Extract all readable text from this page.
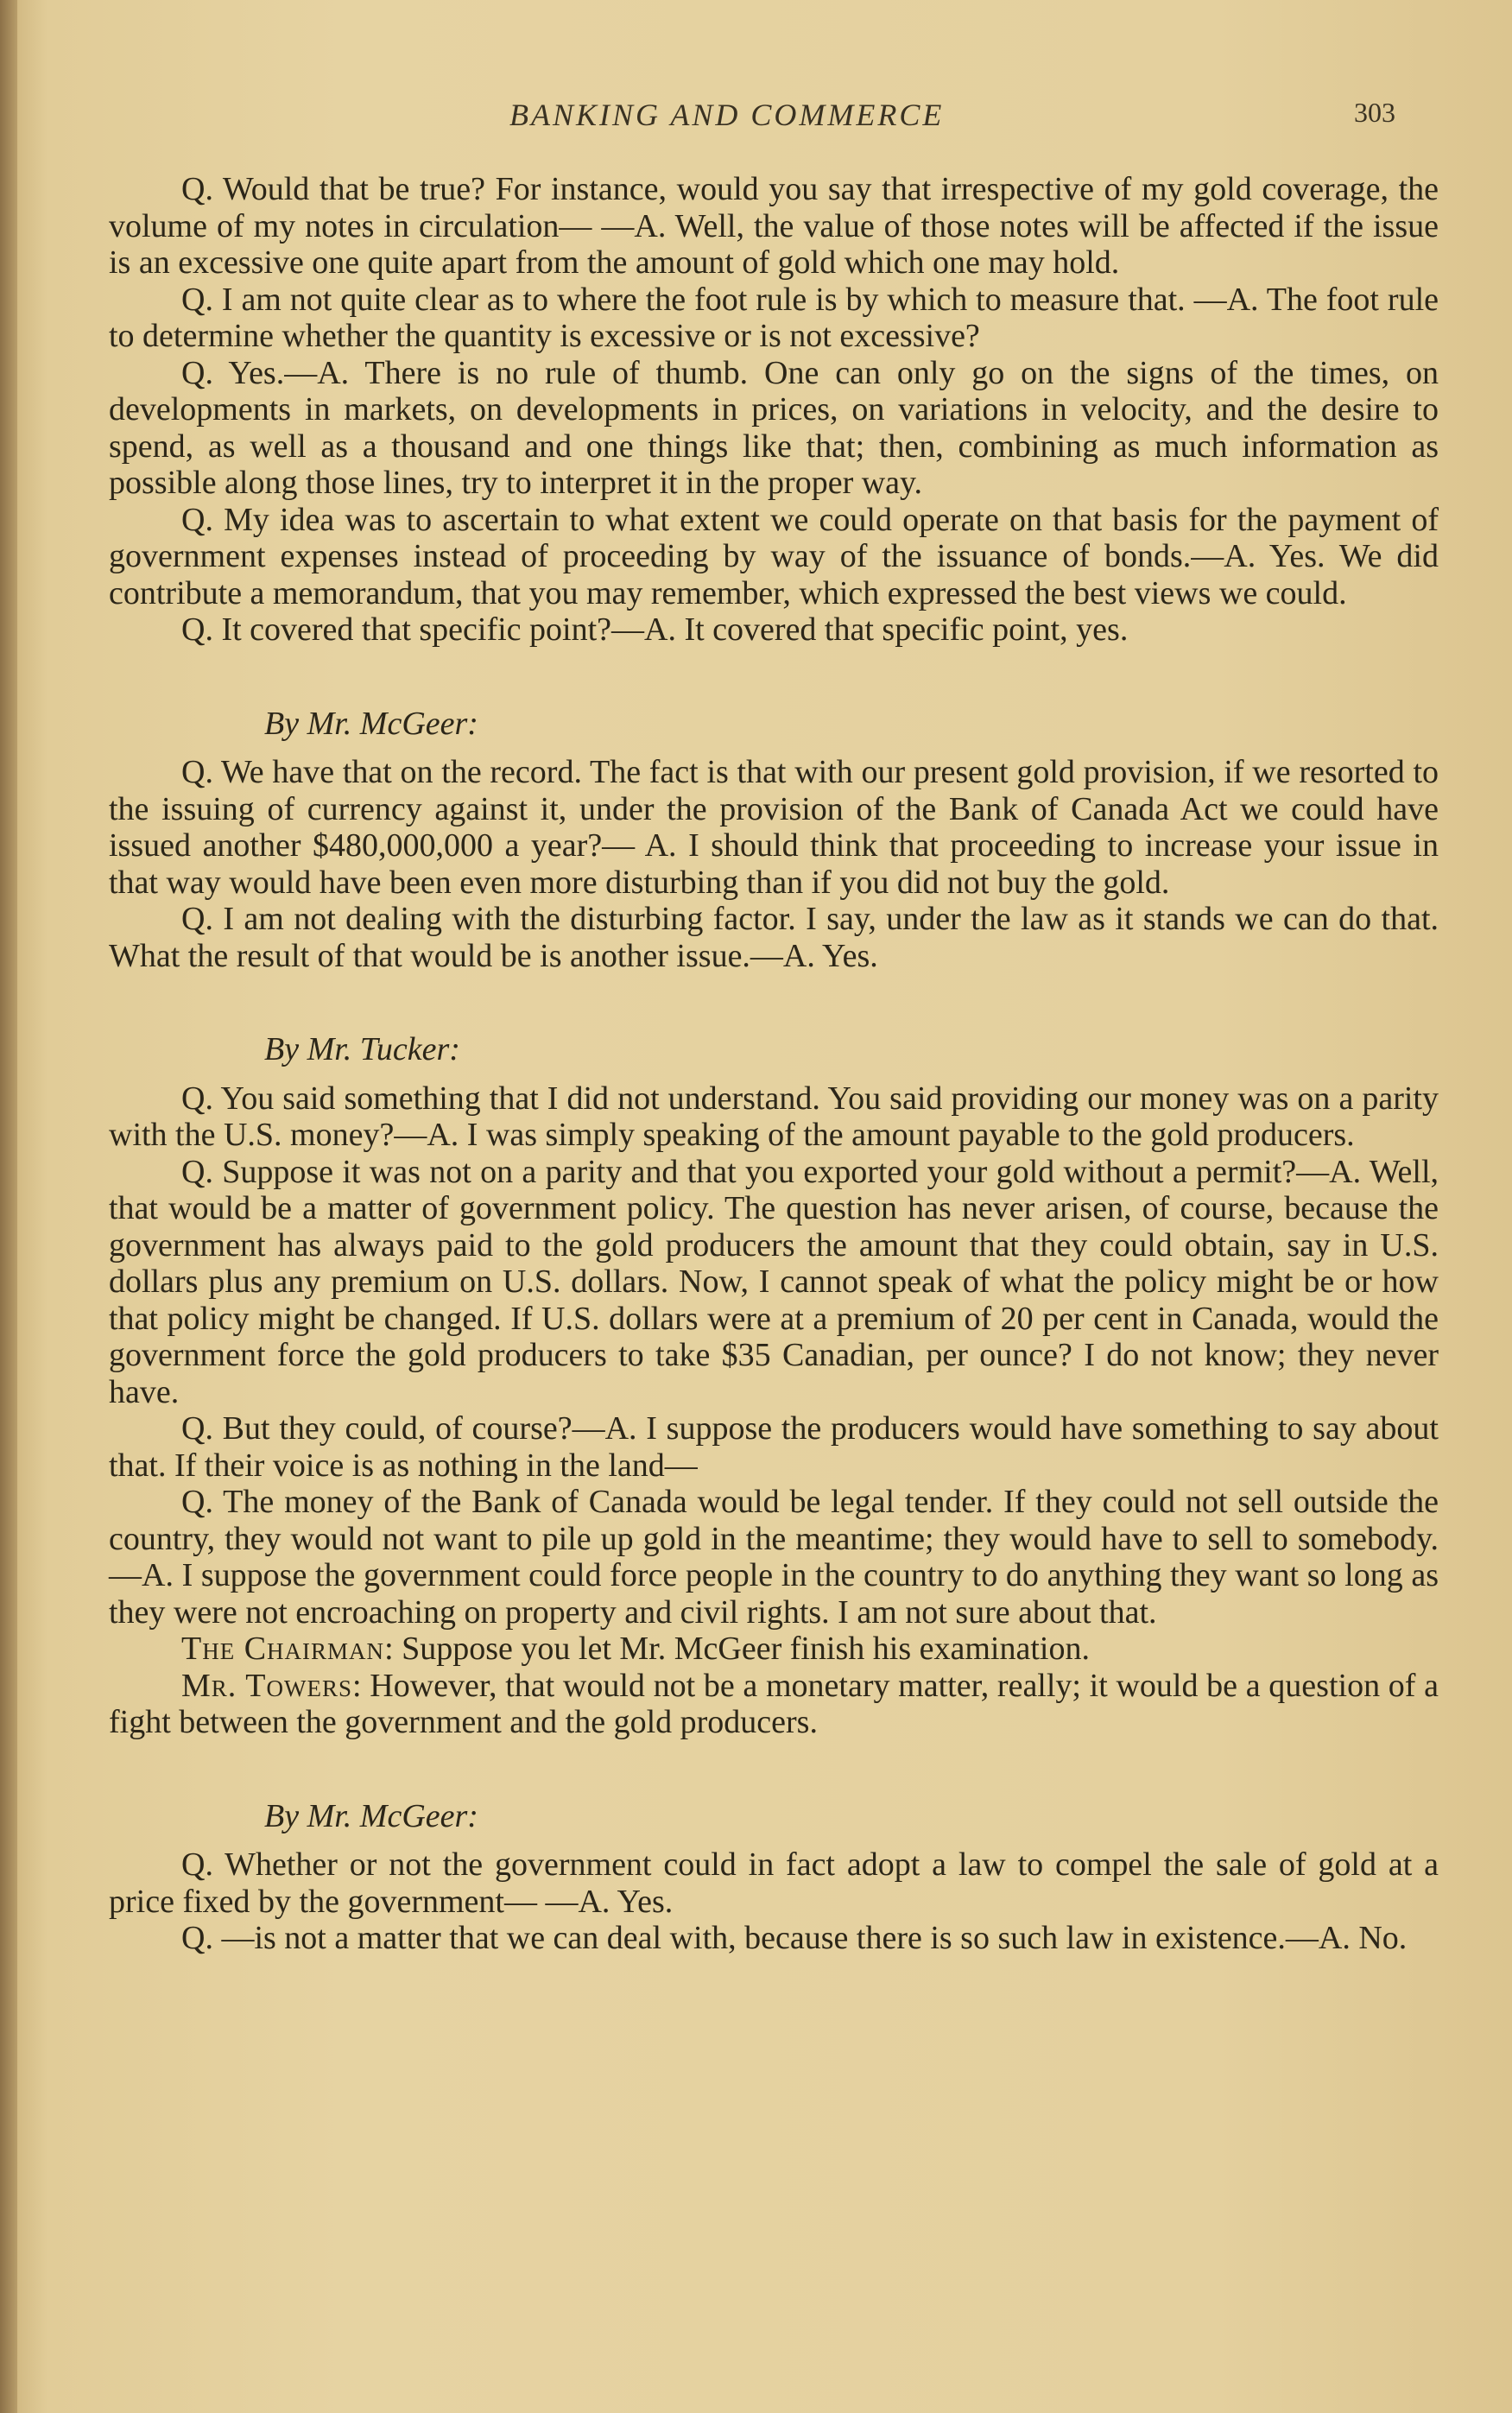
BANKING AND COMMERCE	303

Q. Would that be true? For instance, would you say that irrespective of my gold coverage, the volume of my notes in circulation— —A. Well, the value of those notes will be affected if the issue is an excessive one quite apart from the amount of gold which one may hold.

Q. I am not quite clear as to where the foot rule is by which to measure that. —A. The foot rule to determine whether the quantity is excessive or is not excessive?

Q. Yes.—A. There is no rule of thumb. One can only go on the signs of the times, on developments in markets, on developments in prices, on variations in velocity, and the desire to spend, as well as a thousand and one things like that; then, combining as much information as possible along those lines, try to interpret it in the proper way.

Q. My idea was to ascertain to what extent we could operate on that basis for the payment of government expenses instead of proceeding by way of the issuance of bonds.—A. Yes. We did contribute a memorandum, that you may remember, which expressed the best views we could.

Q. It covered that specific point?—A. It covered that specific point, yes.

By Mr. McGeer:

Q. We have that on the record. The fact is that with our present gold provision, if we resorted to the issuing of currency against it, under the provision of the Bank of Canada Act we could have issued another $480,000,000 a year?— A. I should think that proceeding to increase your issue in that way would have been even more disturbing than if you did not buy the gold.

Q. I am not dealing with the disturbing factor. I say, under the law as it stands we can do that. What the result of that would be is another issue.—A. Yes.

By Mr. Tucker:

Q. You said something that I did not understand. You said providing our money was on a parity with the U.S. money?—A. I was simply speaking of the amount payable to the gold producers.

Q. Suppose it was not on a parity and that you exported your gold without a permit?—A. Well, that would be a matter of government policy. The question has never arisen, of course, because the government has always paid to the gold producers the amount that they could obtain, say in U.S. dollars plus any premium on U.S. dollars. Now, I cannot speak of what the policy might be or how that policy might be changed. If U.S. dollars were at a premium of 20 per cent in Canada, would the government force the gold producers to take $35 Canadian, per ounce? I do not know; they never have.

Q. But they could, of course?—A. I suppose the producers would have something to say about that. If their voice is as nothing in the land—

Q. The money of the Bank of Canada would be legal tender. If they could not sell outside the country, they would not want to pile up gold in the meantime; they would have to sell to somebody.—A. I suppose the government could force people in the country to do anything they want so long as they were not encroaching on property and civil rights. I am not sure about that.

The Chairman: Suppose you let Mr. McGeer finish his examination.

Mr. Towers: However, that would not be a monetary matter, really; it would be a question of a fight between the government and the gold producers.

By Mr. McGeer:

Q. Whether or not the government could in fact adopt a law to compel the sale of gold at a price fixed by the government— —A. Yes.

Q. —is not a matter that we can deal with, because there is so such law in existence.—A. No.
